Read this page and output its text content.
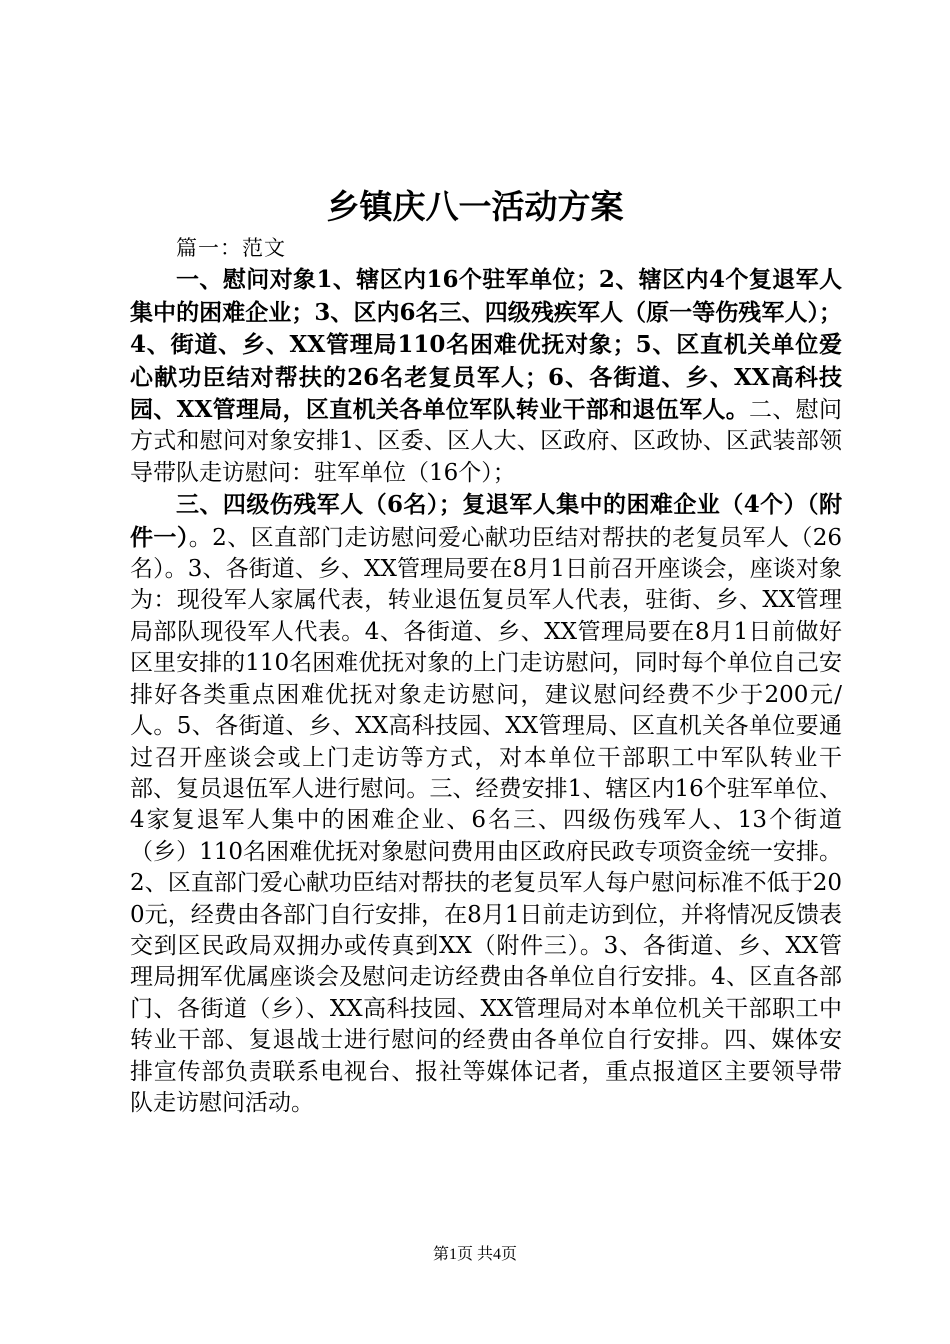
乡镇庆八一活动方案

篇一：范文

一、慰问对象1、辖区内16个驻军单位；2、辖区内4个复退军人集中的困难企业；3、区内6名三、四级残疾军人（原一等伤残军人）；4、街道、乡、XX管理局110名困难优抚对象；5、区直机关单位爱心献功臣结对帮扶的26名老复员军人；6、各街道、乡、XX高科技园、XX管理局，区直机关各单位军队转业干部和退伍军人。二、慰问方式和慰问对象安排1、区委、区人大、区政府、区政协、区武装部领导带队走访慰问：驻军单位（16个）；

三、四级伤残军人（6名）；复退军人集中的困难企业（4个）（附件一）。2、区直部门走访慰问爱心献功臣结对帮扶的老复员军人（26名）。3、各街道、乡、XX管理局要在8月1日前召开座谈会，座谈对象为：现役军人家属代表，转业退伍复员军人代表，驻街、乡、XX管理局部队现役军人代表。4、各街道、乡、XX管理局要在8月1日前做好区里安排的110名困难优抚对象的上门走访慰问，同时每个单位自己安排好各类重点困难优抚对象走访慰问，建议慰问经费不少于200元/人。5、各街道、乡、XX高科技园、XX管理局、区直机关各单位要通过召开座谈会或上门走访等方式，对本单位干部职工中军队转业干部、复员退伍军人进行慰问。三、经费安排1、辖区内16个驻军单位、4家复退军人集中的困难企业、6名三、四级伤残军人、13个街道（乡）110名困难优抚对象慰问费用由区政府民政专项资金统一安排。2、区直部门爱心献功臣结对帮扶的老复员军人每户慰问标准不低于200元，经费由各部门自行安排，在8月1日前走访到位，并将情况反馈表交到区民政局双拥办或传真到XX（附件三）。3、各街道、乡、XX管理局拥军优属座谈会及慰问走访经费由各单位自行安排。4、区直各部门、各街道（乡）、XX高科技园、XX管理局对本单位机关干部职工中转业干部、复退战士进行慰问的经费由各单位自行安排。四、媒体安排宣传部负责联系电视台、报社等媒体记者，重点报道区主要领导带队走访慰问活动。

第1页 共4页
